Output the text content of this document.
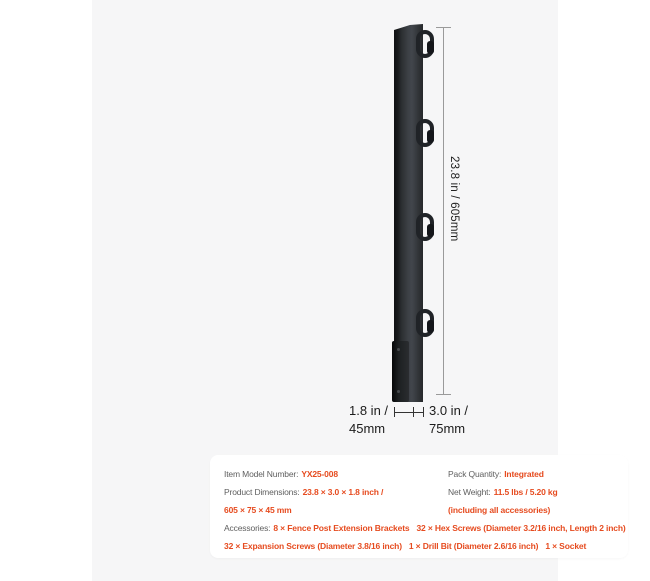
23.8 in / 605mm
1.8 in /
45mm
3.0 in /
75mm
Item Model Number: YX25-008	Pack Quantity: Integrated
Product Dimensions: 23.8 × 3.0 × 1.8 inch /	Net Weight: 11.5 lbs / 5.20 kg
605 × 75 × 45 mm	(including all accessories)
Accessories: 8 × Fence Post Extension Brackets 32 × Hex Screws (Diameter 3.2/16 inch, Length 2 inch)
32 × Expansion Screws (Diameter 3.8/16 inch) 1 × Drill Bit (Diameter 2.6/16 inch) 1 × Socket
